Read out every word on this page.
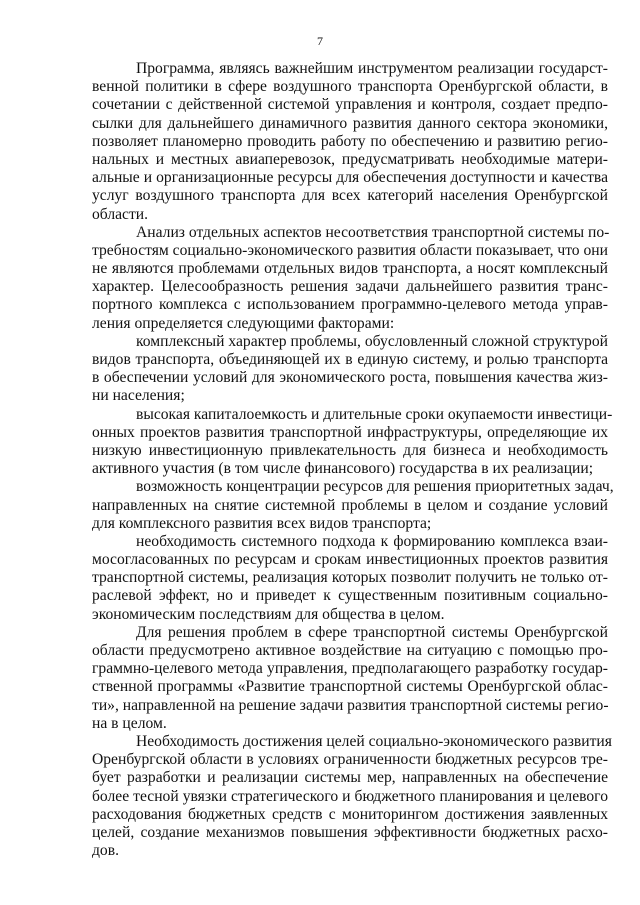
7
Программа, являясь важнейшим инструментом реализации государст-
венной политики в сфере воздушного транспорта Оренбургской области, в
сочетании с действенной системой управления и контроля, создает предпо-
сылки для дальнейшего динамичного развития данного сектора экономики,
позволяет планомерно проводить работу по обеспечению и развитию регио-
нальных и местных авиаперевозок, предусматривать необходимые матери-
альные и организационные ресурсы для обеспечения доступности и качества
услуг воздушного транспорта для всех категорий населения Оренбургской
области.
Анализ отдельных аспектов несоответствия транспортной системы по-
требностям социально-экономического развития области показывает, что они
не являются проблемами отдельных видов транспорта, а носят комплексный
характер. Целесообразность решения задачи дальнейшего развития транс-
портного комплекса с использованием программно-целевого метода управ-
ления определяется следующими факторами:
комплексный характер проблемы, обусловленный сложной структурой
видов транспорта, объединяющей их в единую систему, и ролью транспорта
в обеспечении условий для экономического роста, повышения качества жиз-
ни населения;
высокая капиталоемкость и длительные сроки окупаемости инвестици-
онных проектов развития транспортной инфраструктуры, определяющие их
низкую инвестиционную привлекательность для бизнеса и необходимость
активного участия (в том числе финансового) государства в их реализации;
возможность концентрации ресурсов для решения приоритетных задач,
направленных на снятие системной проблемы в целом и создание условий
для комплексного развития всех видов транспорта;
необходимость системного подхода к формированию комплекса взаи-
мосогласованных по ресурсам и срокам инвестиционных проектов развития
транспортной системы, реализация которых позволит получить не только от-
раслевой эффект, но и приведет к существенным позитивным социально-
экономическим последствиям для общества в целом.
Для решения проблем в сфере транспортной системы Оренбургской
области предусмотрено активное воздействие на ситуацию с помощью про-
граммно-целевого метода управления, предполагающего разработку государ-
ственной программы «Развитие транспортной системы Оренбургской облас-
ти», направленной на решение задачи развития транспортной системы регио-
на в целом.
Необходимость достижения целей социально-экономического развития
Оренбургской области в условиях ограниченности бюджетных ресурсов тре-
бует разработки и реализации системы мер, направленных на обеспечение
более тесной увязки стратегического и бюджетного планирования и целевого
расходования бюджетных средств с мониторингом достижения заявленных
целей, создание механизмов повышения эффективности бюджетных расхо-
дов.
